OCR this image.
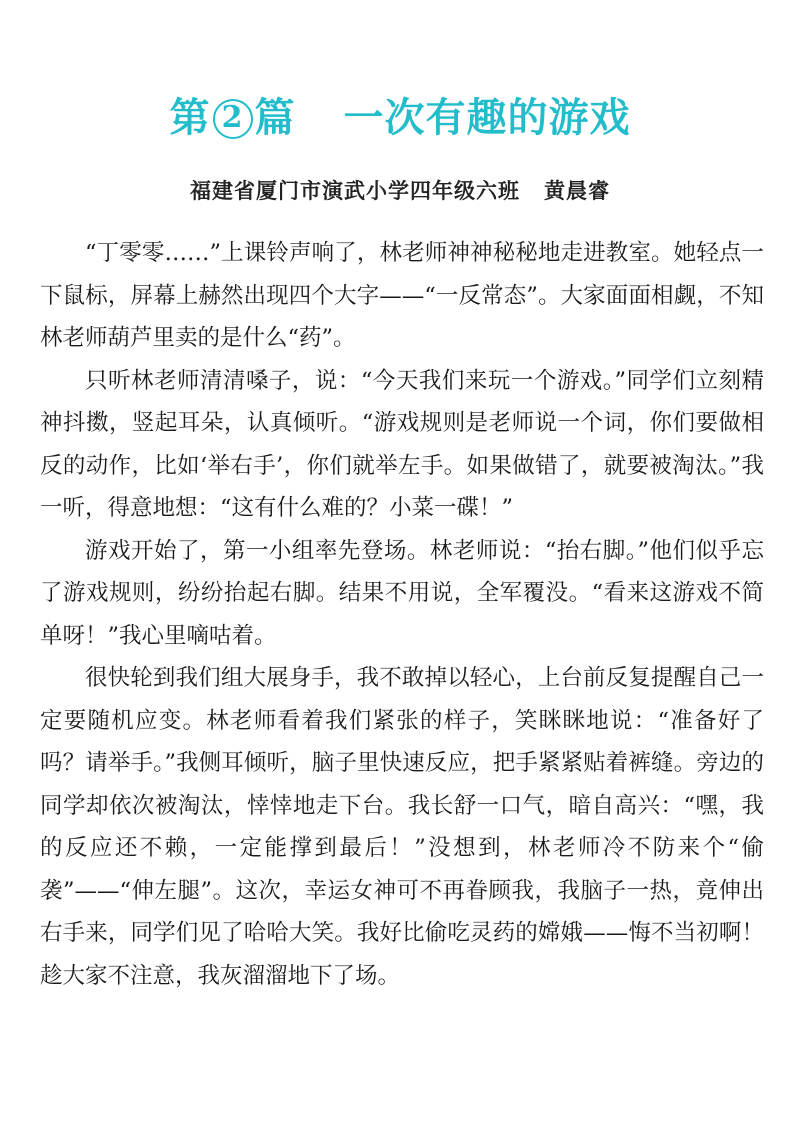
第 2 篇 一次有趣的游戏
福建省厦门市演武小学四年级六班 黄晨睿

“丁零零……”上课铃声响了，林老师神神秘秘地走进教室。她轻点一下鼠标，屏幕上赫然出现四个大字——“一反常态”。大家面面相觑，不知林老师葫芦里卖的是什么“药”。

只听林老师清清嗓子，说：“今天我们来玩一个游戏。”同学们立刻精神抖擞，竖起耳朵，认真倾听。“游戏规则是老师说一个词，你们要做相反的动作，比如‘举右手’，你们就举左手。如果做错了，就要被淘汰。”我一听，得意地想：“这有什么难的？小菜一碟！”

游戏开始了，第一小组率先登场。林老师说：“抬右脚。”他们似乎忘了游戏规则，纷纷抬起右脚。结果不用说，全军覆没。“看来这游戏不简单呀！”我心里嘀咕着。

很快轮到我们组大展身手，我不敢掉以轻心，上台前反复提醒自己一定要随机应变。林老师看着我们紧张的样子，笑眯眯地说：“准备好了吗？请举手。”我侧耳倾听，脑子里快速反应，把手紧紧贴着裤缝。旁边的同学却依次被淘汰，悻悻地走下台。我长舒一口气，暗自高兴：“嘿，我的反应还不赖，一定能撑到最后！”没想到，林老师冷不防来个“偷袭”——“伸左腿”。这次，幸运女神可不再眷顾我，我脑子一热，竟伸出右手来，同学们见了哈哈大笑。我好比偷吃灵药的嫦娥——悔不当初啊！趁大家不注意，我灰溜溜地下了场。
